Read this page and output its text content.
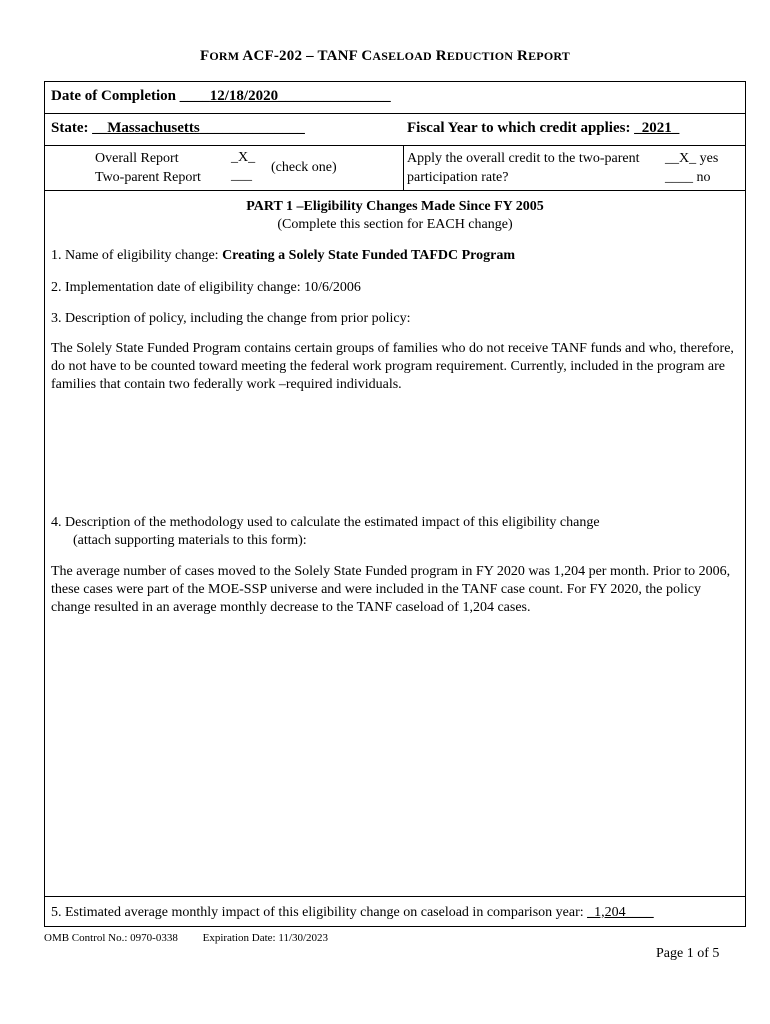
FORM ACF-202 – TANF CASELOAD REDUCTION REPORT
Date of Completion ____12/18/2020_______________
State: __Massachusetts______________	Fiscal Year to which credit applies: _2021_
Overall Report	_X_
Two-parent Report ___
(check one)
Apply the overall credit to the two-parent
participation rate?
__X_ yes
____ no
PART 1 –Eligibility Changes Made Since FY 2005
(Complete this section for EACH change)
1. Name of eligibility change: Creating a Solely State Funded TAFDC Program
2. Implementation date of eligibility change: 10/6/2006
3. Description of policy, including the change from prior policy:
The Solely State Funded Program contains certain groups of families who do not receive TANF funds and who, therefore, do not have to be counted toward meeting the federal work program requirement. Currently, included in the program are families that contain two federally work –required individuals.
4. Description of the methodology used to calculate the estimated impact of this eligibility change
(attach supporting materials to this form):
The average number of cases moved to the Solely State Funded program in FY 2020 was 1,204 per month. Prior to 2006, these cases were part of the MOE-SSP universe and were included in the TANF case count. For FY 2020, the policy change resulted in an average monthly decrease to the TANF caseload of 1,204 cases.
5. Estimated average monthly impact of this eligibility change on caseload in comparison year: _1,204____
OMB Control No.: 0970-0338 Expiration Date: 11/30/2023
Page 1 of 5
